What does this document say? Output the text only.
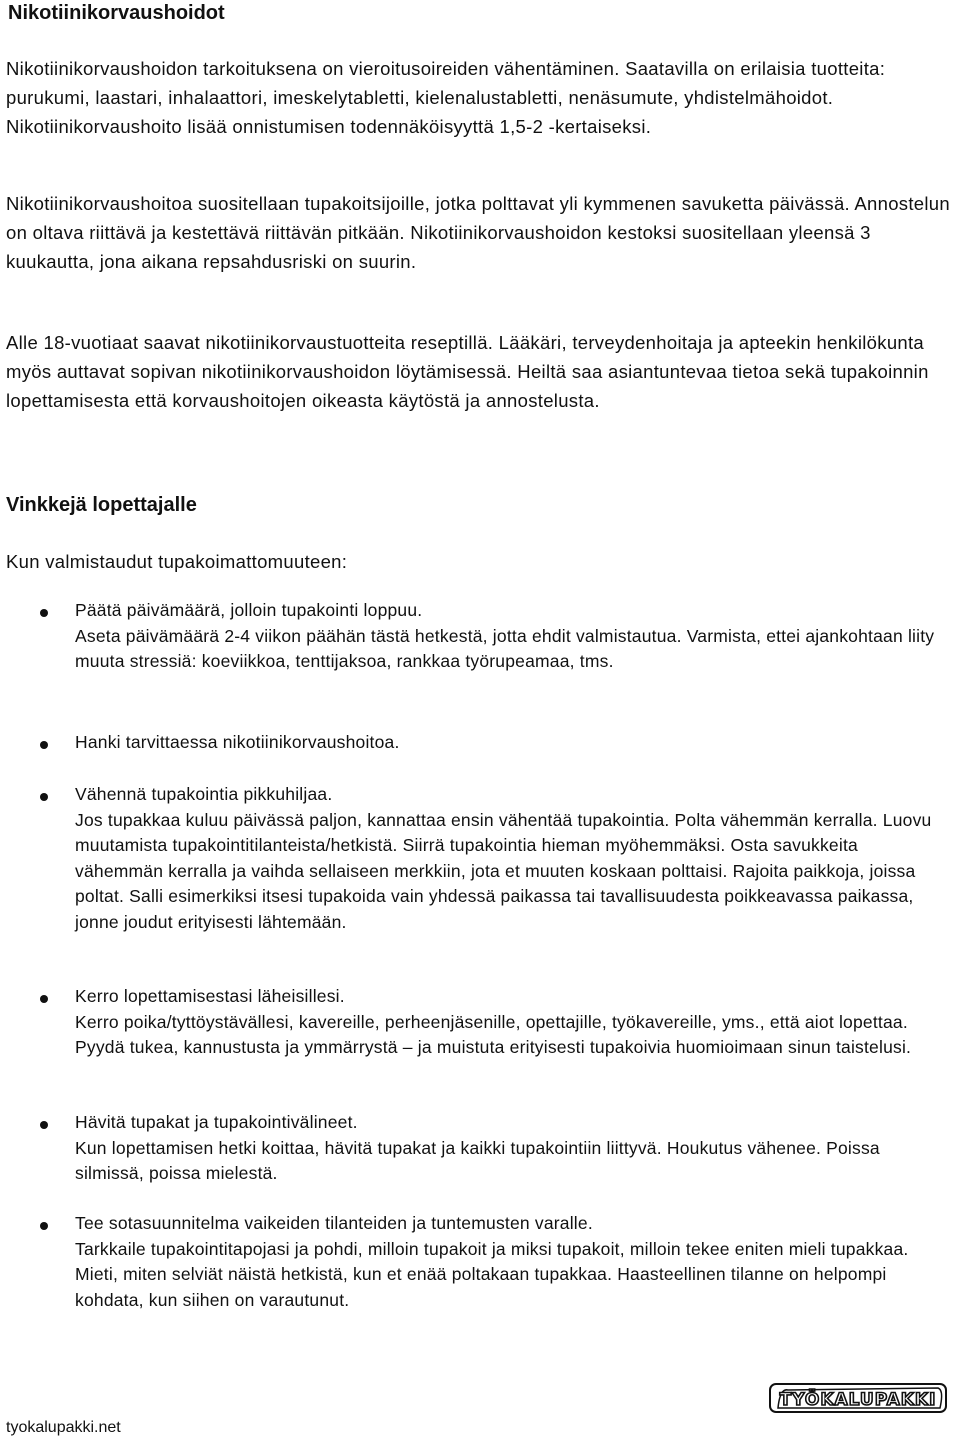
Nikotiinikorvaushoidot

Nikotiinikorvaushoidon tarkoituksena on vieroitusoireiden vähentäminen. Saatavilla on erilaisia tuotteita: purukumi, laastari, inhalaattori, imeskelytabletti, kielenalustabletti, nenäsumute, yhdistelmähoidot. Nikotiinikorvaushoito lisää onnistumisen todennäköisyyttä 1,5-2 -kertaiseksi.

Nikotiinikorvaushoitoa suositellaan tupakoitsijoille, jotka polttavat yli kymmenen savuketta päivässä. Annostelun on oltava riittävä ja kestettävä riittävän pitkään. Nikotiinikorvaushoidon kestoksi suositellaan yleensä 3 kuukautta, jona aikana repsahdusriski on suurin.

Alle 18-vuotiaat saavat nikotiinikorvaustuotteita reseptillä. Lääkäri, terveydenhoitaja ja apteekin henkilökunta myös auttavat sopivan nikotiinikorvaushoidon löytämisessä. Heiltä saa asiantuntevaa tietoa sekä tupakoinnin lopettamisesta että korvaushoitojen oikeasta käytöstä ja annostelusta.

Vinkkejä lopettajalle

Kun valmistaudut tupakoimattomuuteen:

Päätä päivämäärä, jolloin tupakointi loppuu.

Aseta päivämäärä 2-4 viikon päähän tästä hetkestä, jotta ehdit valmistautua. Varmista, ettei ajankohtaan liity muuta stressiä: koeviikkoa, tenttijaksoa, rankkaa työrupeamaa, tms.

Hanki tarvittaessa nikotiinikorvaushoitoa.

Vähennä tupakointia pikkuhiljaa.

Jos tupakkaa kuluu päivässä paljon, kannattaa ensin vähentää tupakointia. Polta vähemmän kerralla. Luovu muutamista tupakointitilanteista/hetkistä. Siirrä tupakointia hieman myöhemmäksi. Osta savukkeita vähemmän kerralla ja vaihda sellaiseen merkkiin, jota et muuten koskaan polttaisi. Rajoita paikkoja, joissa poltat. Salli esimerkiksi itsesi tupakoida vain yhdessä paikassa tai tavallisuudesta poikkeavassa paikassa, jonne joudut erityisesti lähtemään.

Kerro lopettamisestasi läheisillesi.

Kerro poika/tyttöystävällesi, kavereille, perheenjäsenille, opettajille, työkavereille, yms., että aiot lopettaa. Pyydä tukea, kannustusta ja ymmärrystä – ja muistuta erityisesti tupakoivia huomioimaan sinun taistelusi.

Hävitä tupakat ja tupakointivälineet.

Kun lopettamisen hetki koittaa, hävitä tupakat ja kaikki tupakointiin liittyvä. Houkutus vähenee. Poissa silmissä, poissa mielestä.

Tee sotasuunnitelma vaikeiden tilanteiden ja tuntemusten varalle.

Tarkkaile tupakointitapojasi ja pohdi, milloin tupakoit ja miksi tupakoit, milloin tekee eniten mieli tupakkaa. Mieti, miten selviät näistä hetkistä, kun et enää poltakaan tupakkaa. Haasteellinen tilanne on helpompi kohdata, kun siihen on varautunut.

tyokalupakki.net
TYÖKALUPAKKI
